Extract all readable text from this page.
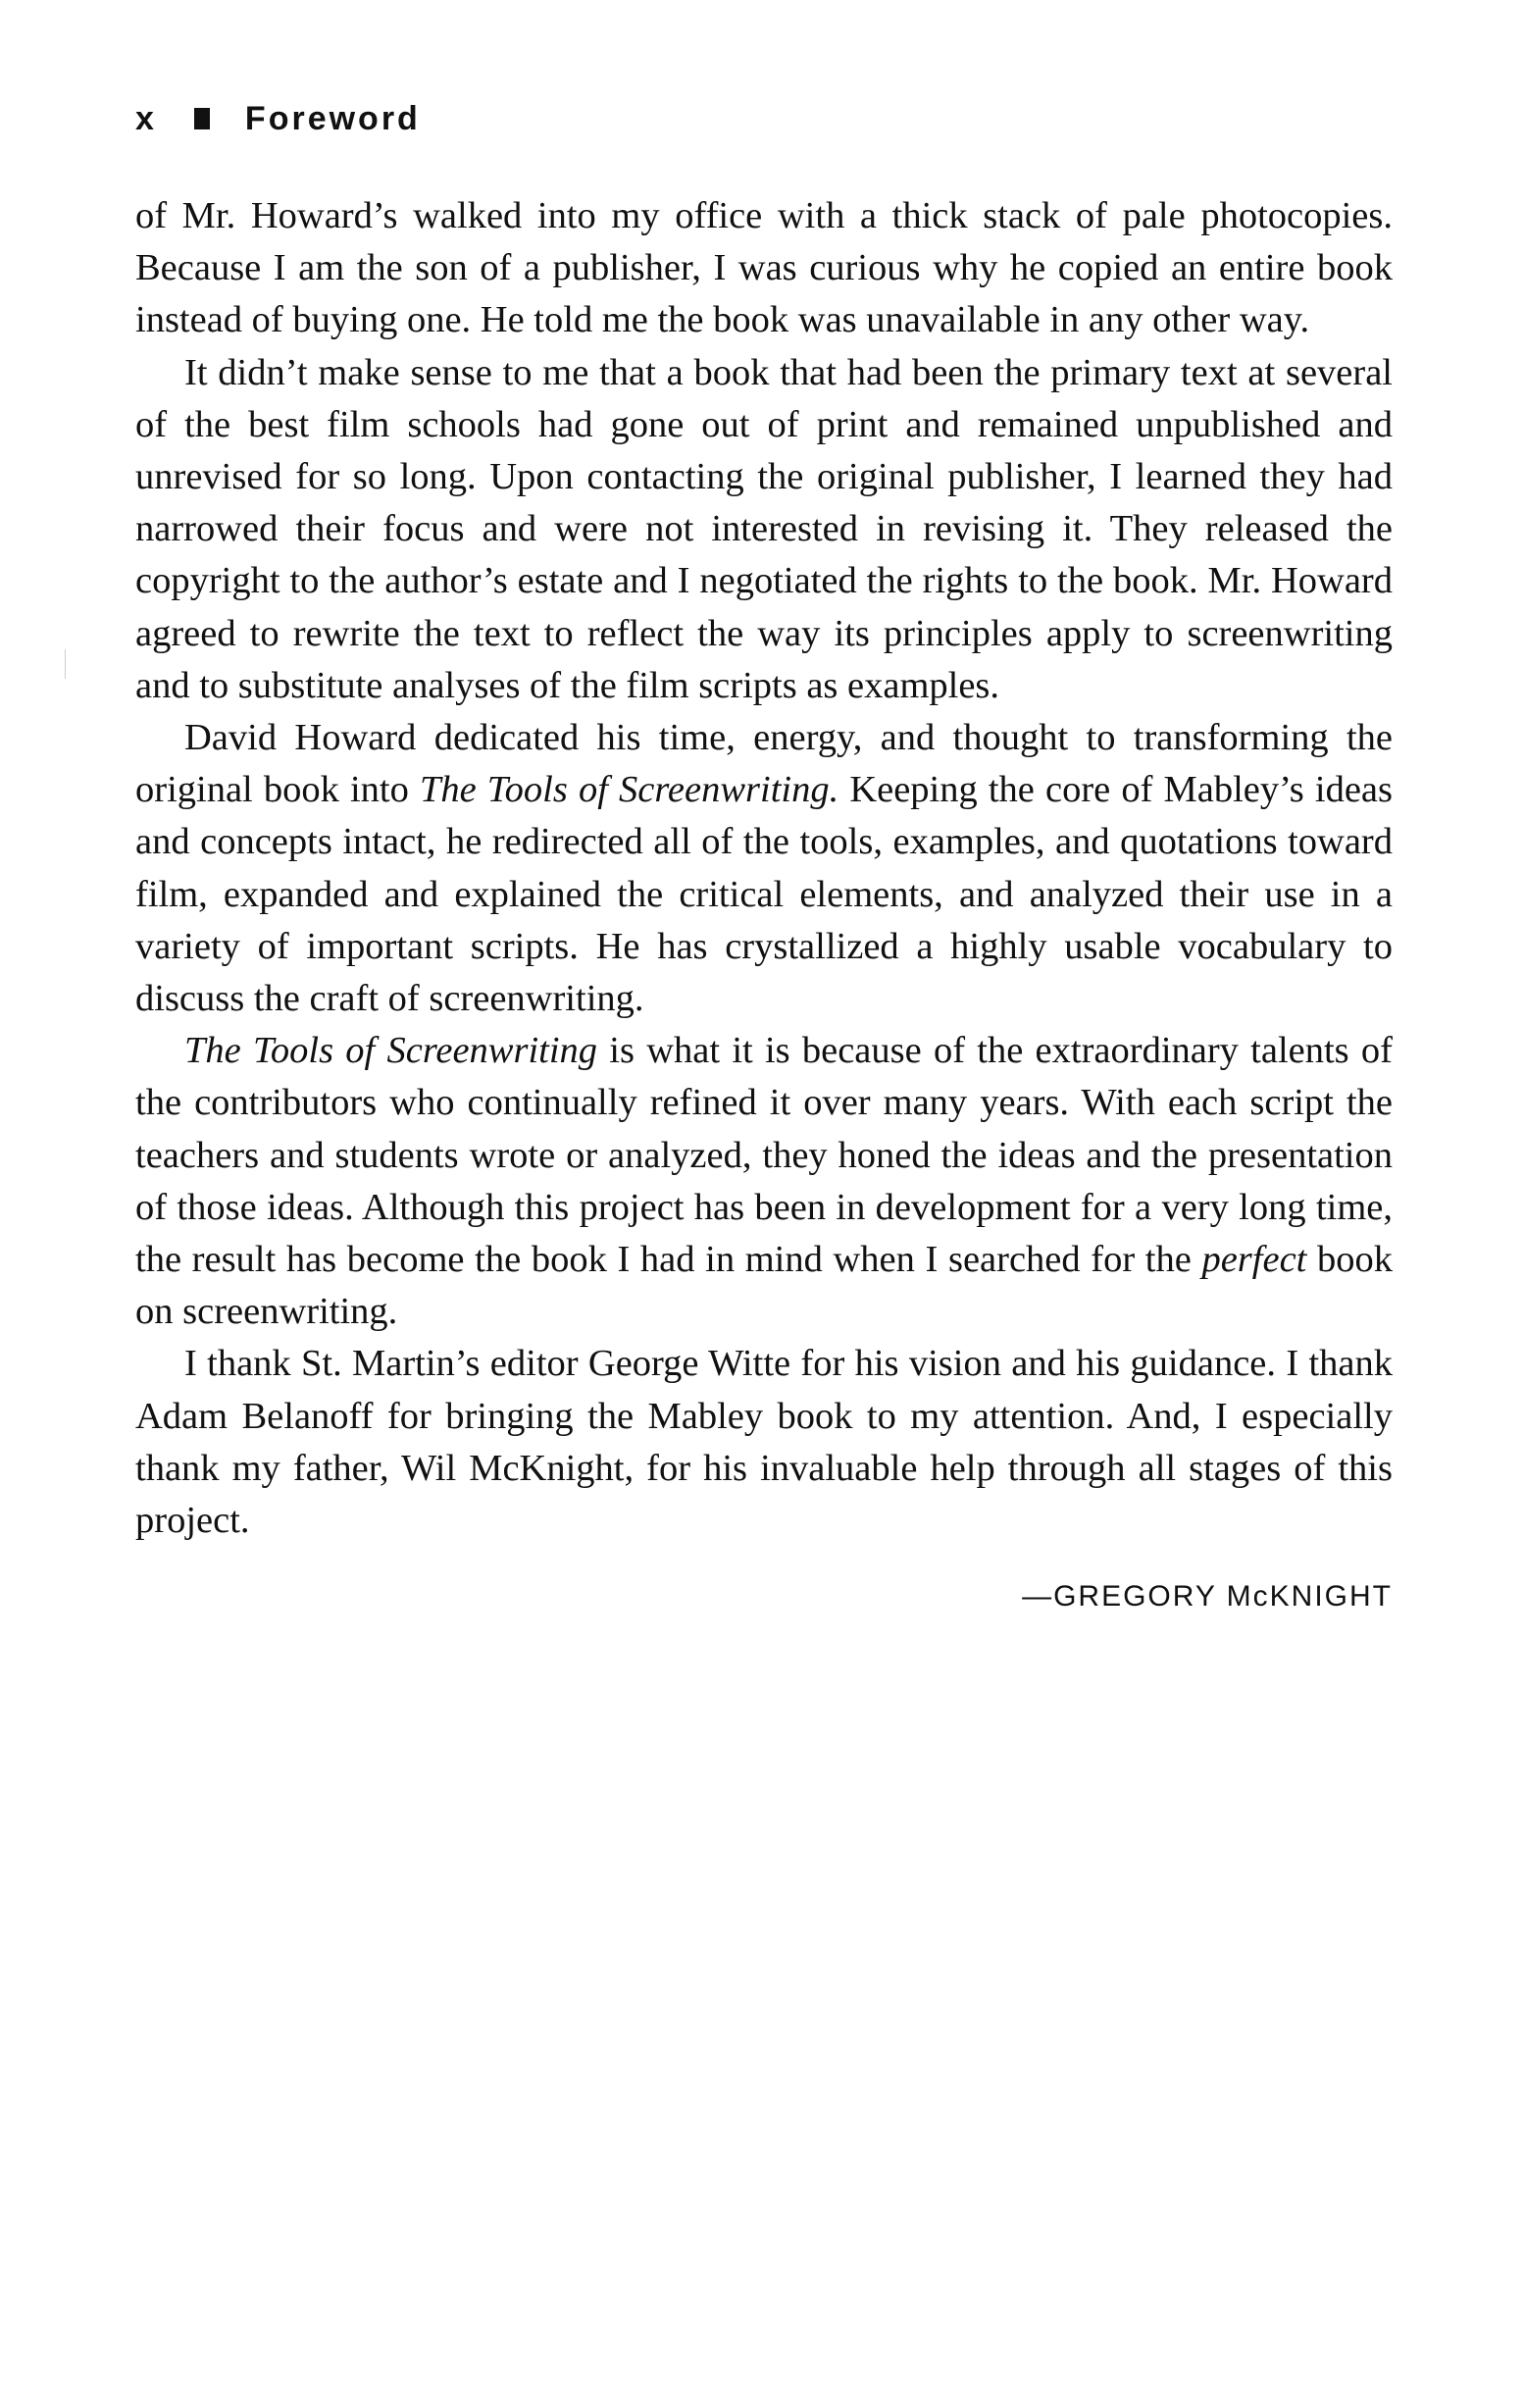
x	Foreword

of Mr. Howard’s walked into my office with a thick stack of pale photocopies. Because I am the son of a publisher, I was curious why he copied an entire book instead of buying one. He told me the book was unavailable in any other way.

It didn’t make sense to me that a book that had been the primary text at several of the best film schools had gone out of print and remained unpublished and unrevised for so long. Upon contacting the original publisher, I learned they had narrowed their focus and were not interested in revising it. They released the copyright to the author’s estate and I negotiated the rights to the book. Mr. Howard agreed to rewrite the text to reflect the way its principles apply to screenwriting and to substitute analyses of the film scripts as examples.

David Howard dedicated his time, energy, and thought to transforming the original book into The Tools of Screenwriting. Keeping the core of Mabley’s ideas and concepts intact, he redirected all of the tools, examples, and quotations toward film, expanded and explained the critical elements, and analyzed their use in a variety of important scripts. He has crystallized a highly usable vocabulary to discuss the craft of screenwriting.

The Tools of Screenwriting is what it is because of the extraordinary talents of the contributors who continually refined it over many years. With each script the teachers and students wrote or analyzed, they honed the ideas and the presentation of those ideas. Although this project has been in development for a very long time, the result has become the book I had in mind when I searched for the perfect book on screenwriting.

I thank St. Martin’s editor George Witte for his vision and his guidance. I thank Adam Belanoff for bringing the Mabley book to my attention. And, I especially thank my father, Wil McKnight, for his invaluable help through all stages of this project.

—GREGORY McKNIGHT
